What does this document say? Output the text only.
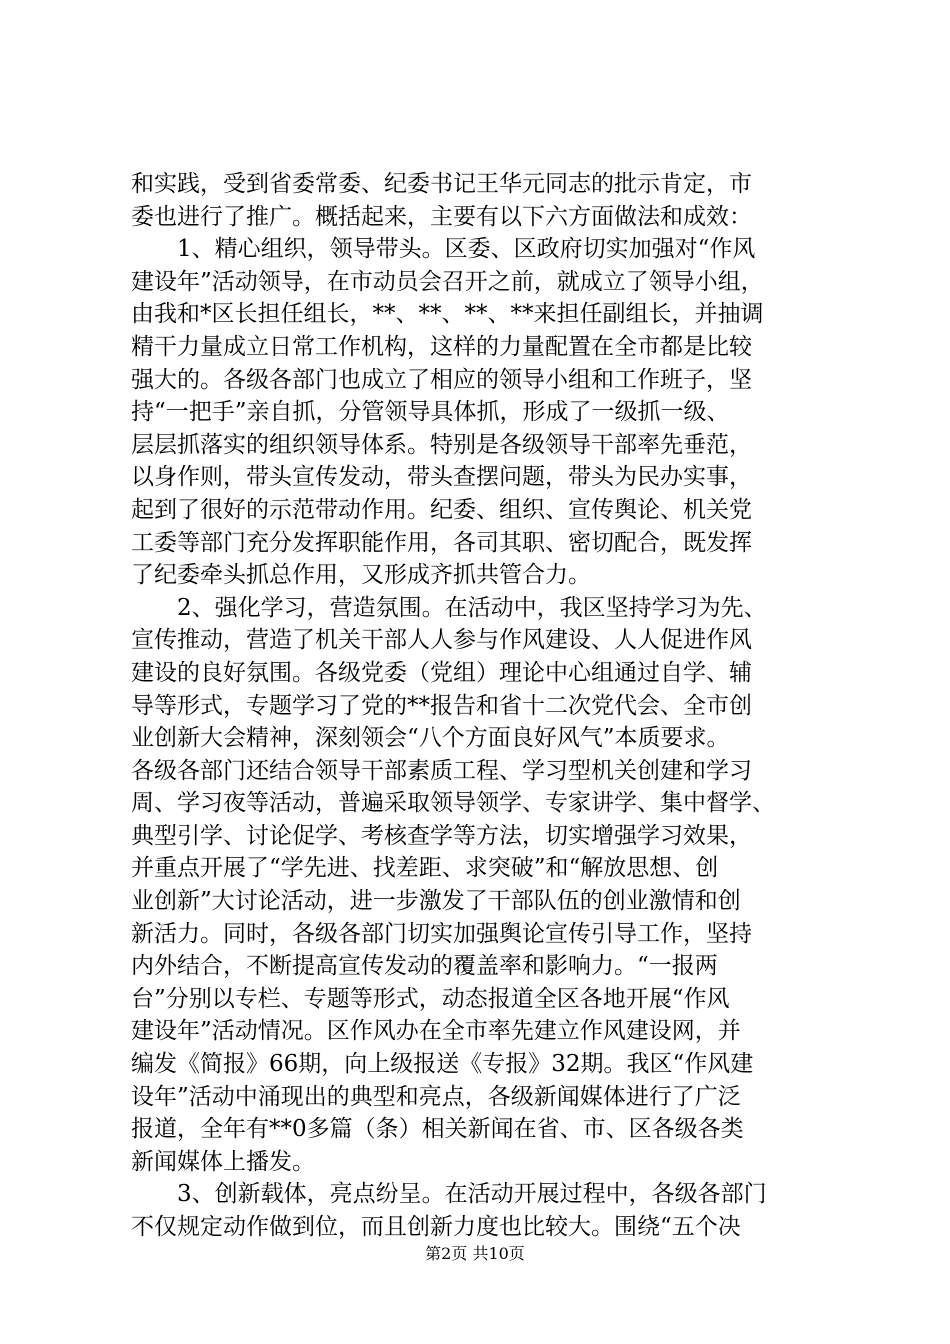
和实践，受到省委常委、纪委书记王华元同志的批示肯定，市
委也进行了推广。概括起来，主要有以下六方面做法和成效：
1、精心组织，领导带头。区委、区政府切实加强对“作风
建设年”活动领导，在市动员会召开之前，就成立了领导小组，
由我和*区长担任组长，**、**、**、**来担任副组长，并抽调
精干力量成立日常工作机构，这样的力量配置在全市都是比较
强大的。各级各部门也成立了相应的领导小组和工作班子，坚
持“一把手”亲自抓，分管领导具体抓，形成了一级抓一级、
层层抓落实的组织领导体系。特别是各级领导干部率先垂范，
以身作则，带头宣传发动，带头查摆问题，带头为民办实事，
起到了很好的示范带动作用。纪委、组织、宣传舆论、机关党
工委等部门充分发挥职能作用，各司其职、密切配合，既发挥
了纪委牵头抓总作用，又形成齐抓共管合力。
2、强化学习，营造氛围。在活动中，我区坚持学习为先、
宣传推动，营造了机关干部人人参与作风建设、人人促进作风
建设的良好氛围。各级党委（党组）理论中心组通过自学、辅
导等形式，专题学习了党的**报告和省十二次党代会、全市创
业创新大会精神，深刻领会“八个方面良好风气”本质要求。
各级各部门还结合领导干部素质工程、学习型机关创建和学习
周、学习夜等活动，普遍采取领导领学、专家讲学、集中督学、
典型引学、讨论促学、考核查学等方法，切实增强学习效果，
并重点开展了“学先进、找差距、求突破”和“解放思想、创
业创新”大讨论活动，进一步激发了干部队伍的创业激情和创
新活力。同时，各级各部门切实加强舆论宣传引导工作，坚持
内外结合，不断提高宣传发动的覆盖率和影响力。“一报两
台”分别以专栏、专题等形式，动态报道全区各地开展“作风
建设年”活动情况。区作风办在全市率先建立作风建设网，并
编发《简报》66期，向上级报送《专报》32期。我区“作风建
设年”活动中涌现出的典型和亮点，各级新闻媒体进行了广泛
报道，全年有**0多篇（条）相关新闻在省、市、区各级各类
新闻媒体上播发。
3、创新载体，亮点纷呈。在活动开展过程中，各级各部门
不仅规定动作做到位，而且创新力度也比较大。围绕“五个决
第2页 共10页
